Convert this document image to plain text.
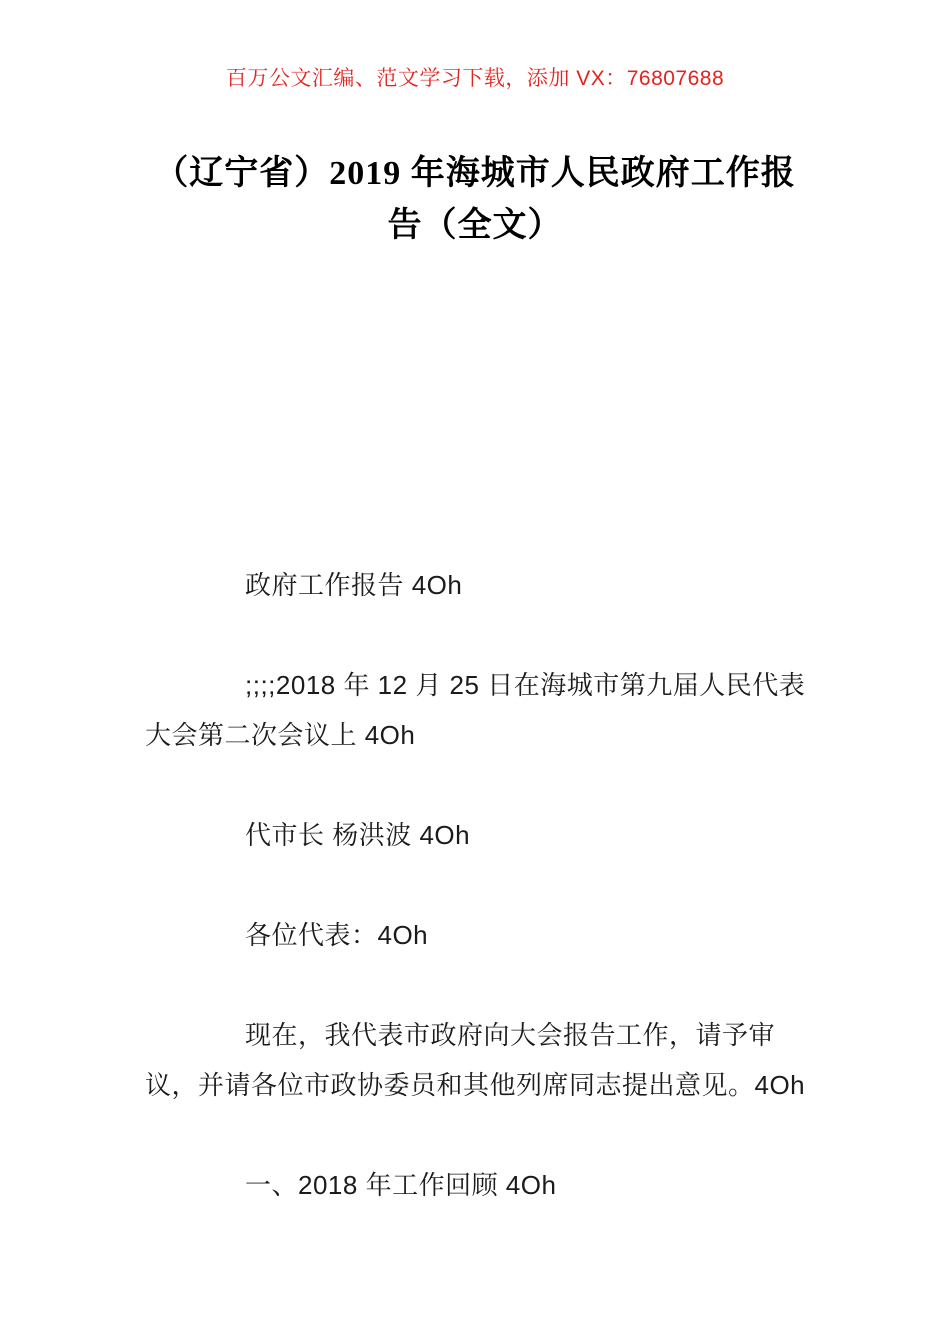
百万公文汇编、范文学习下载，添加 VX：76807688
（辽宁省）2019 年海城市人民政府工作报
告（全文）

政府工作报告 4Oh

;;;;2018 年 12 月 25 日在海城市第九届人民代表大会第二次会议上 4Oh

代市长 杨洪波 4Oh

各位代表：4Oh

现在，我代表市政府向大会报告工作，请予审议，并请各位市政协委员和其他列席同志提出意见。4Oh

一、2018 年工作回顾 4Oh
